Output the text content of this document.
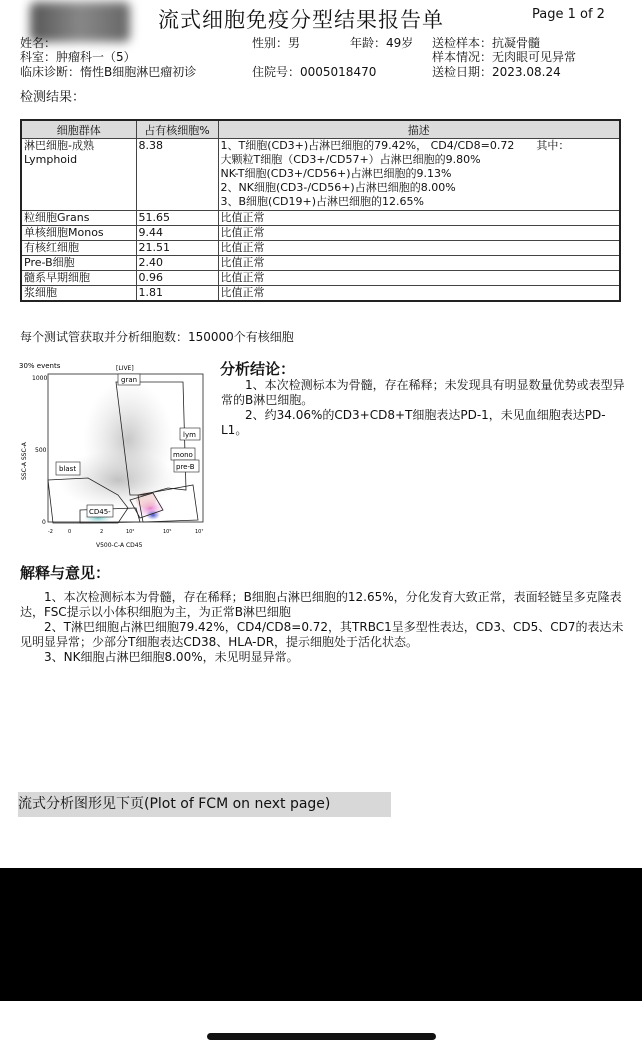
流式细胞免疫分型结果报告单	Page 1 of 2
姓名：
科室：肿瘤科一（5）
临床诊断：惰性B细胞淋巴瘤初诊
性别：男	年龄：49岁
住院号：0005018470
送检样本：抗凝骨髓
样本情况：无肉眼可见异常
送检日期：2023.08.24
检测结果：
细胞群体	占有核细胞%	描述
淋巴细胞-成熟Lymphoid	8.38	1、T细胞(CD3+)占淋巴细胞的79.42%， CD4/CD8=0.72　　其中：
大颗粒T细胞（CD3+/CD57+）占淋巴细胞的9.80%
NK-T细胞(CD3+/CD56+)占淋巴细胞的9.13%
2、NK细胞(CD3-/CD56+)占淋巴细胞的8.00%
3、B细胞(CD19+)占淋巴细胞的12.65%

粒细胞Grans	51.65	比值正常
单核细胞Monos	9.44	比值正常
有核红细胞	21.51	比值正常
Pre-B细胞	2.40	比值正常
髓系早期细胞	0.96	比值正常
浆细胞	1.81	比值正常
每个测试管获取并分析细胞数：150000个有核细胞
30% events	[LIVE]
gran
lym
mono
pre-B
blast
CD45-
SSC-A SSC-A
1000
500
0
-2	0	2	10²	10⁵	10⁷
V500-C-A CD45
分析结论：

1、本次检测标本为骨髓，存在稀释；未发现具有明显数量优势或表型异常的B淋巴细胞。

2、约34.06%的CD3+CD8+T细胞表达PD-1，未见血细胞表达PD-L1。

解释与意见：

1、本次检测标本为骨髓，存在稀释；B细胞占淋巴细胞的12.65%，分化发育大致正常，表面轻链呈多克隆表达，FSC提示以小体积细胞为主，为正常B淋巴细胞

2、T淋巴细胞占淋巴细胞79.42%，CD4/CD8=0.72，其TRBC1呈多型性表达，CD3、CD5、CD7的表达未见明显异常；少部分T细胞表达CD38、HLA-DR，提示细胞处于活化状态。

3、NK细胞占淋巴细胞8.00%，未见明显异常。

流式分析图形见下页(Plot of FCM on next page)
